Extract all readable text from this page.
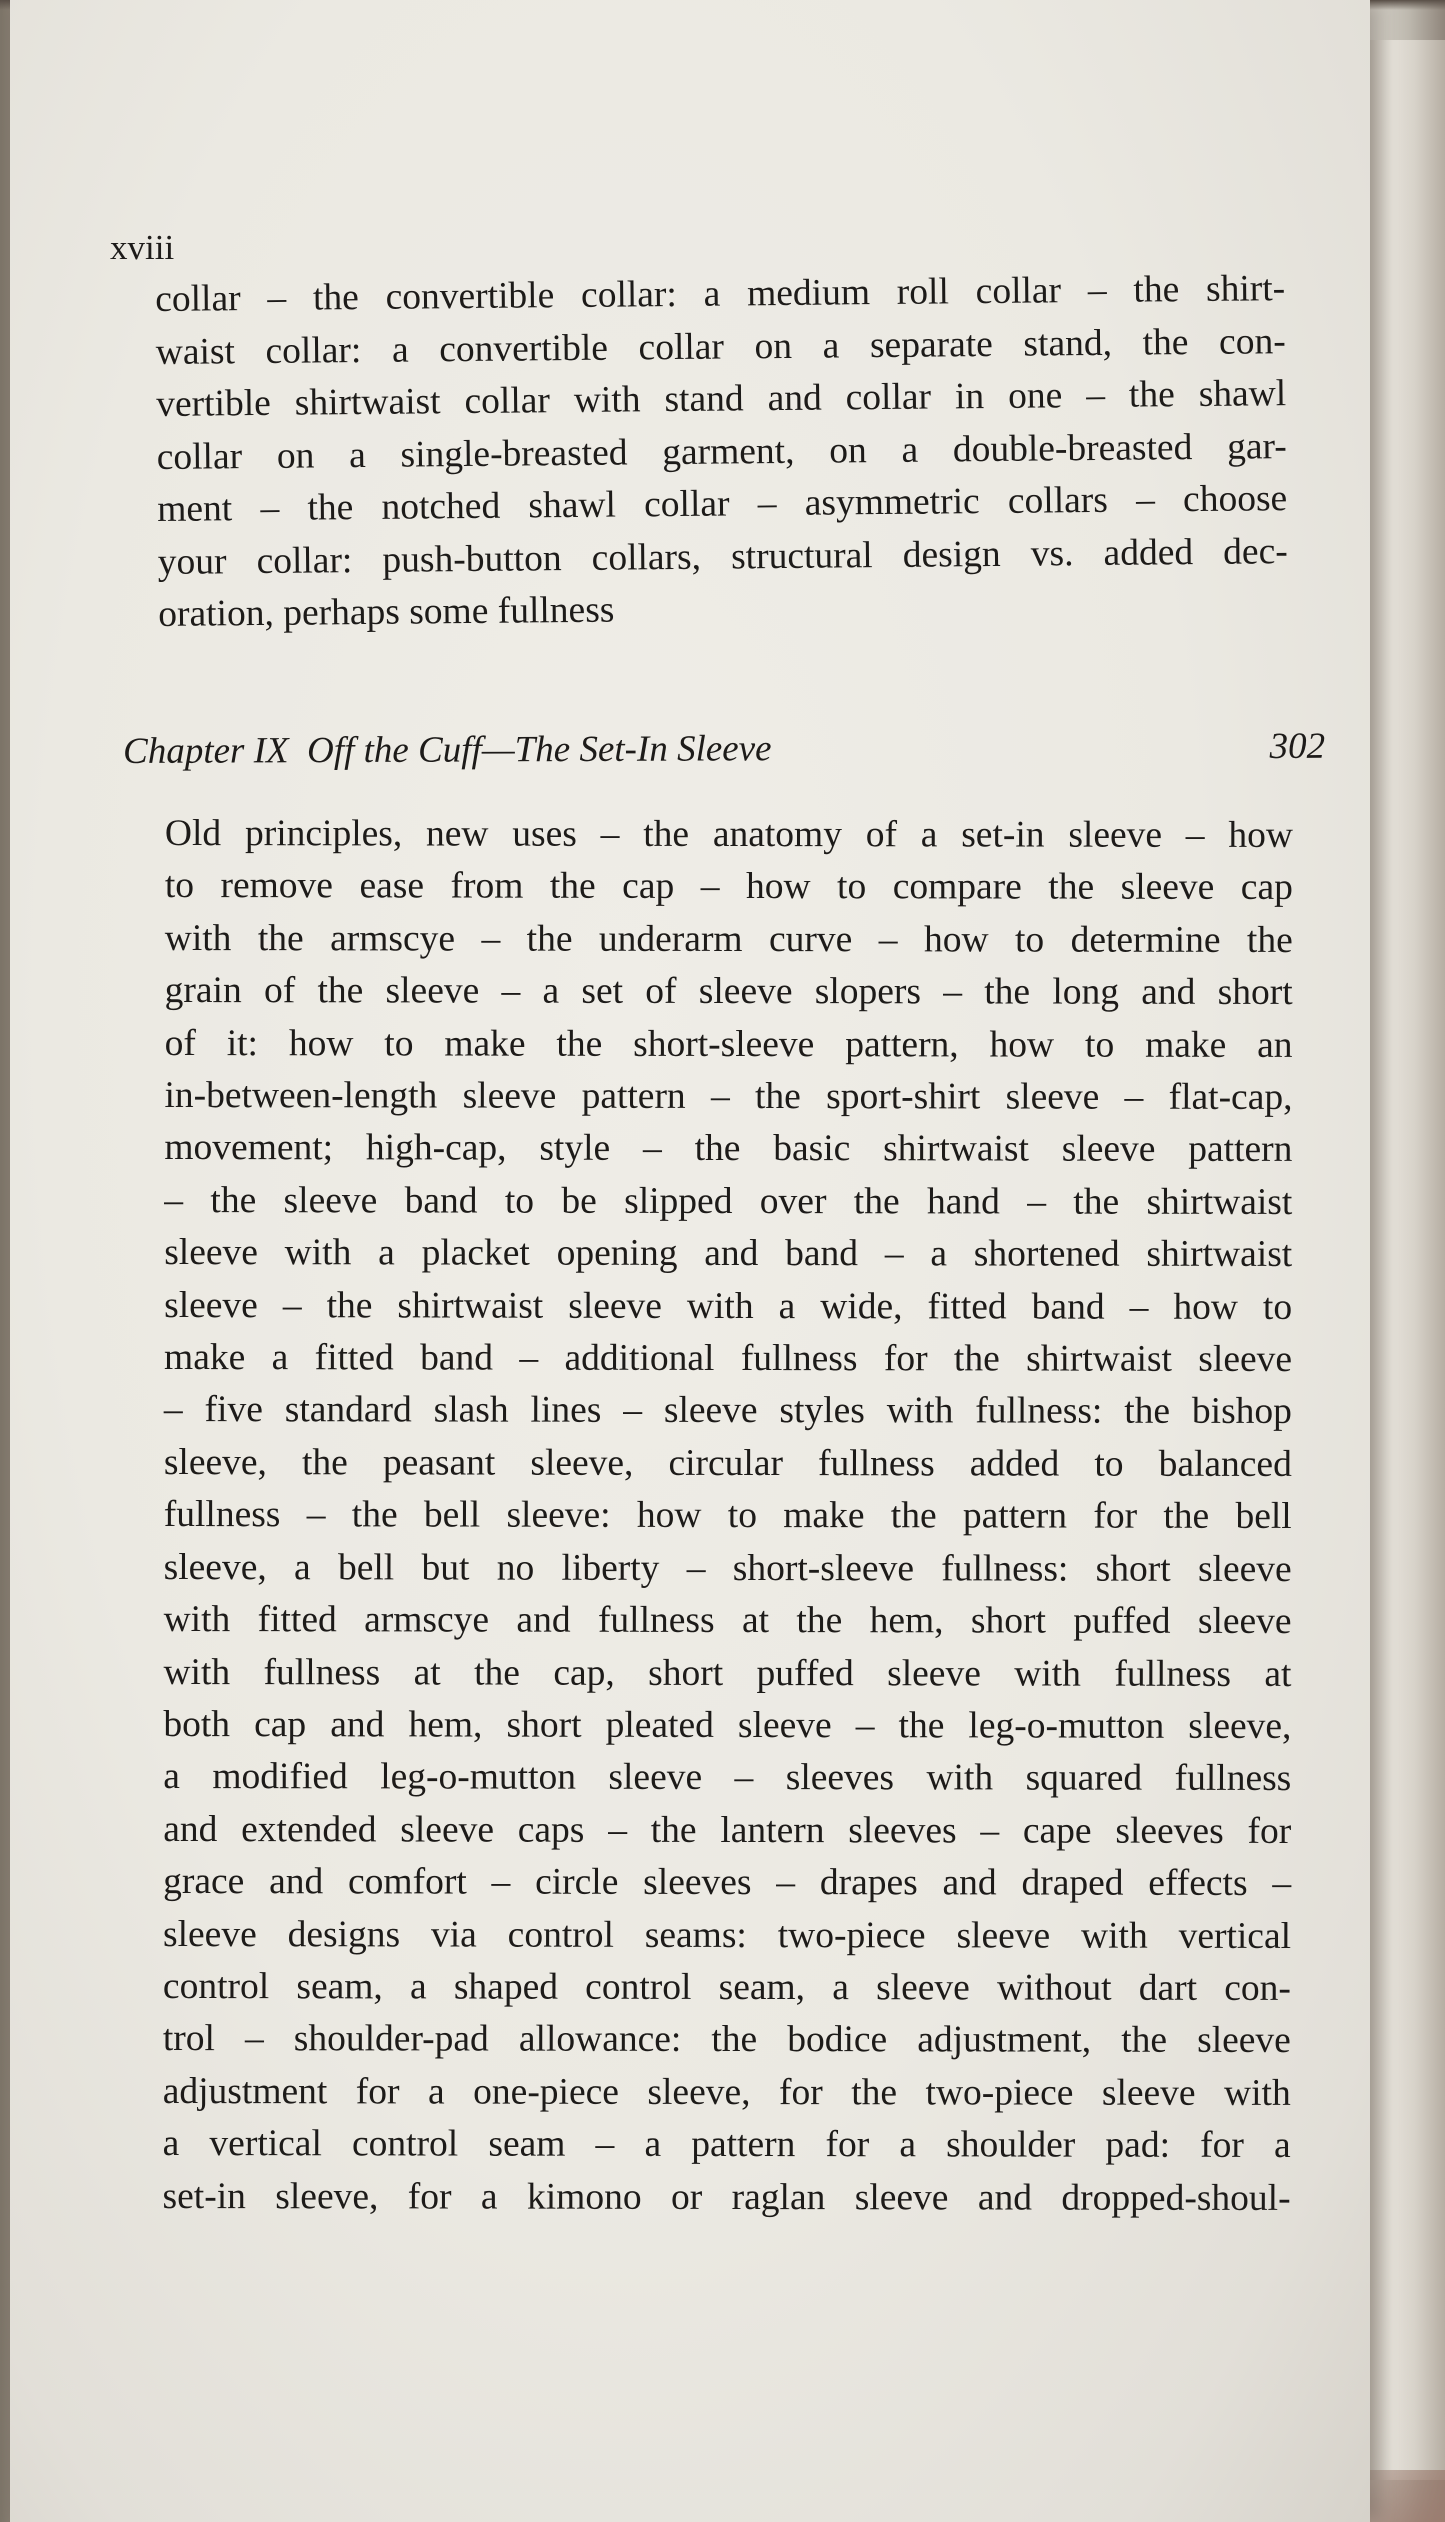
xviii

collar – the convertible collar: a medium roll collar – the shirt-
waist collar: a convertible collar on a separate stand, the con-
vertible shirtwaist collar with stand and collar in one – the shawl
collar on a single-breasted garment, on a double-breasted gar-
ment – the notched shawl collar – asymmetric collars – choose
your collar: push-button collars, structural design vs. added dec-
oration, perhaps some fullness
Chapter IX  Off the Cuff—The Set-In Sleeve	302
Old principles, new uses – the anatomy of a set-in sleeve – how
to remove ease from the cap – how to compare the sleeve cap
with the armscye – the underarm curve – how to determine the
grain of the sleeve – a set of sleeve slopers – the long and short
of it: how to make the short-sleeve pattern, how to make an
in-between-length sleeve pattern – the sport-shirt sleeve – flat-cap,
movement; high-cap, style – the basic shirtwaist sleeve pattern
– the sleeve band to be slipped over the hand – the shirtwaist
sleeve with a placket opening and band – a shortened shirtwaist
sleeve – the shirtwaist sleeve with a wide, fitted band – how to
make a fitted band – additional fullness for the shirtwaist sleeve
– five standard slash lines – sleeve styles with fullness: the bishop
sleeve, the peasant sleeve, circular fullness added to balanced
fullness – the bell sleeve: how to make the pattern for the bell
sleeve, a bell but no liberty – short-sleeve fullness: short sleeve
with fitted armscye and fullness at the hem, short puffed sleeve
with fullness at the cap, short puffed sleeve with fullness at
both cap and hem, short pleated sleeve – the leg-o-mutton sleeve,
a modified leg-o-mutton sleeve – sleeves with squared fullness
and extended sleeve caps – the lantern sleeves – cape sleeves for
grace and comfort – circle sleeves – drapes and draped effects –
sleeve designs via control seams: two-piece sleeve with vertical
control seam, a shaped control seam, a sleeve without dart con-
trol – shoulder-pad allowance: the bodice adjustment, the sleeve
adjustment for a one-piece sleeve, for the two-piece sleeve with
a vertical control seam – a pattern for a shoulder pad: for a
set-in sleeve, for a kimono or raglan sleeve and dropped-shoul-
